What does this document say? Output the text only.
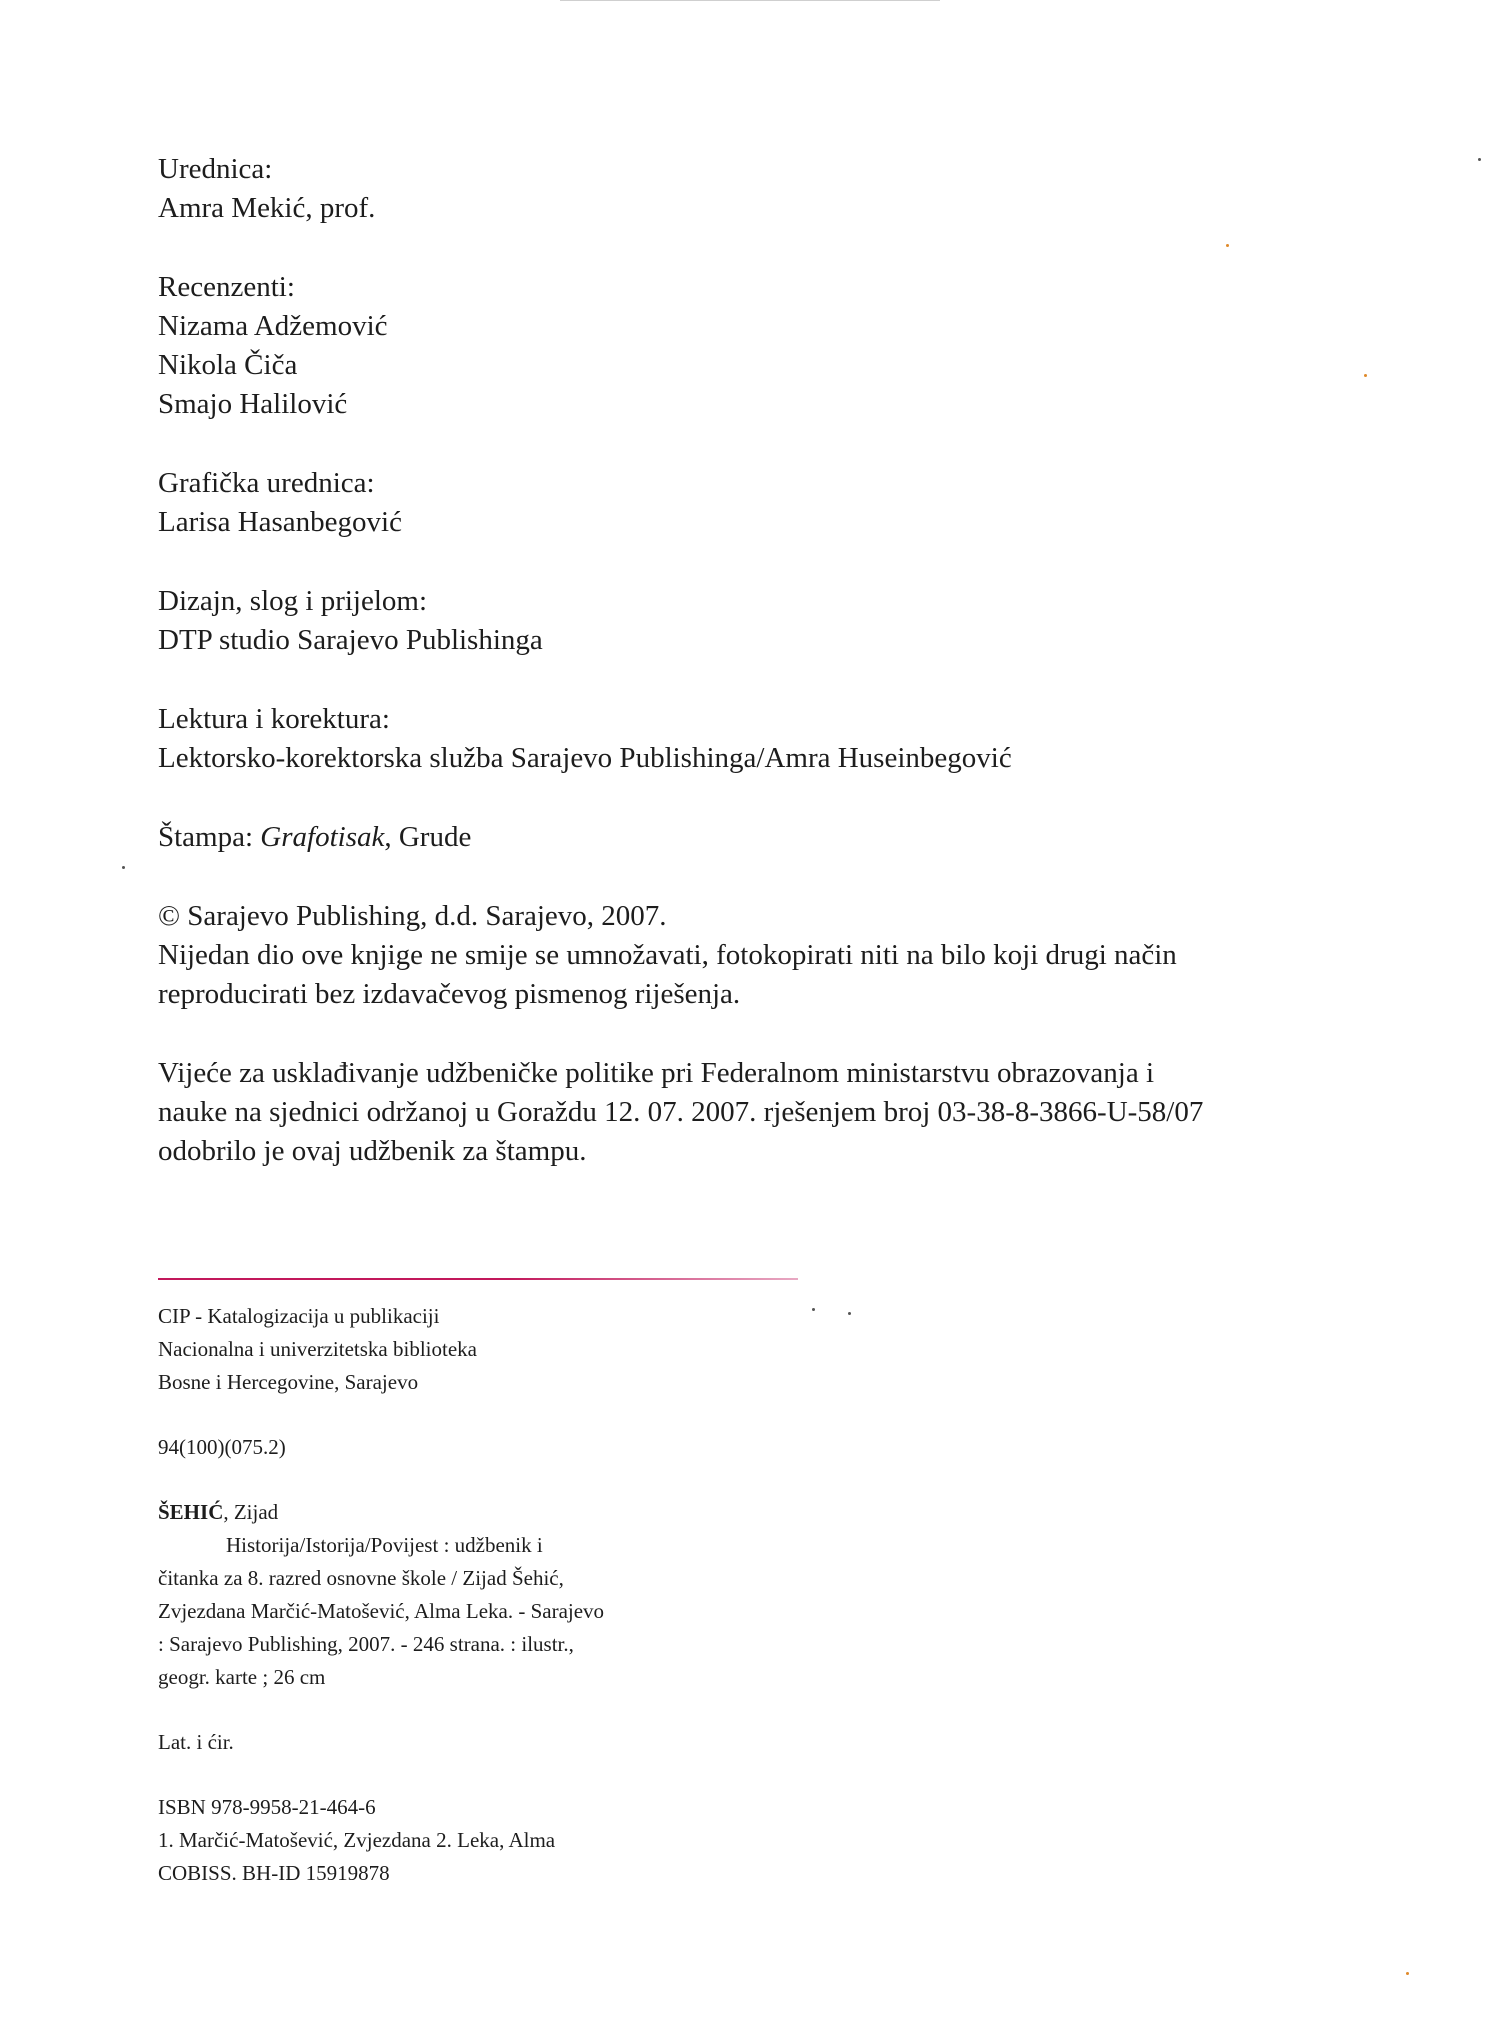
Urednica:
Amra Mekić, prof.
Recenzenti:
Nizama Adžemović
Nikola Čiča
Smajo Halilović
Grafička urednica:
Larisa Hasanbegović
Dizajn, slog i prijelom:
DTP studio Sarajevo Publishinga
Lektura i korektura:
Lektorsko-korektorska služba Sarajevo Publishinga/Amra Huseinbegović
Štampa: Grafotisak, Grude
© Sarajevo Publishing, d.d. Sarajevo, 2007.
Nijedan dio ove knjige ne smije se umnožavati, fotokopirati niti na bilo koji drugi način
reproducirati bez izdavačevog pismenog riješenja.
Vijeće za usklađivanje udžbeničke politike pri Federalnom ministarstvu obrazovanja i
nauke na sjednici održanoj u Goraždu 12. 07. 2007. rješenjem broj 03-38-8-3866-U-58/07
odobrilo je ovaj udžbenik za štampu.
CIP - Katalogizacija u publikaciji
Nacionalna i univerzitetska biblioteka
Bosne i Hercegovine, Sarajevo
94(100)(075.2)
ŠEHIĆ, Zijad
Historija/Istorija/Povijest : udžbenik i
čitanka za 8. razred osnovne škole / Zijad Šehić,
Zvjezdana Marčić-Matošević, Alma Leka. - Sarajevo
: Sarajevo Publishing, 2007. - 246 strana. : ilustr.,
geogr. karte ; 26 cm
Lat. i ćir.
ISBN 978-9958-21-464-6
1. Marčić-Matošević, Zvjezdana 2. Leka, Alma
COBISS. BH-ID 15919878
